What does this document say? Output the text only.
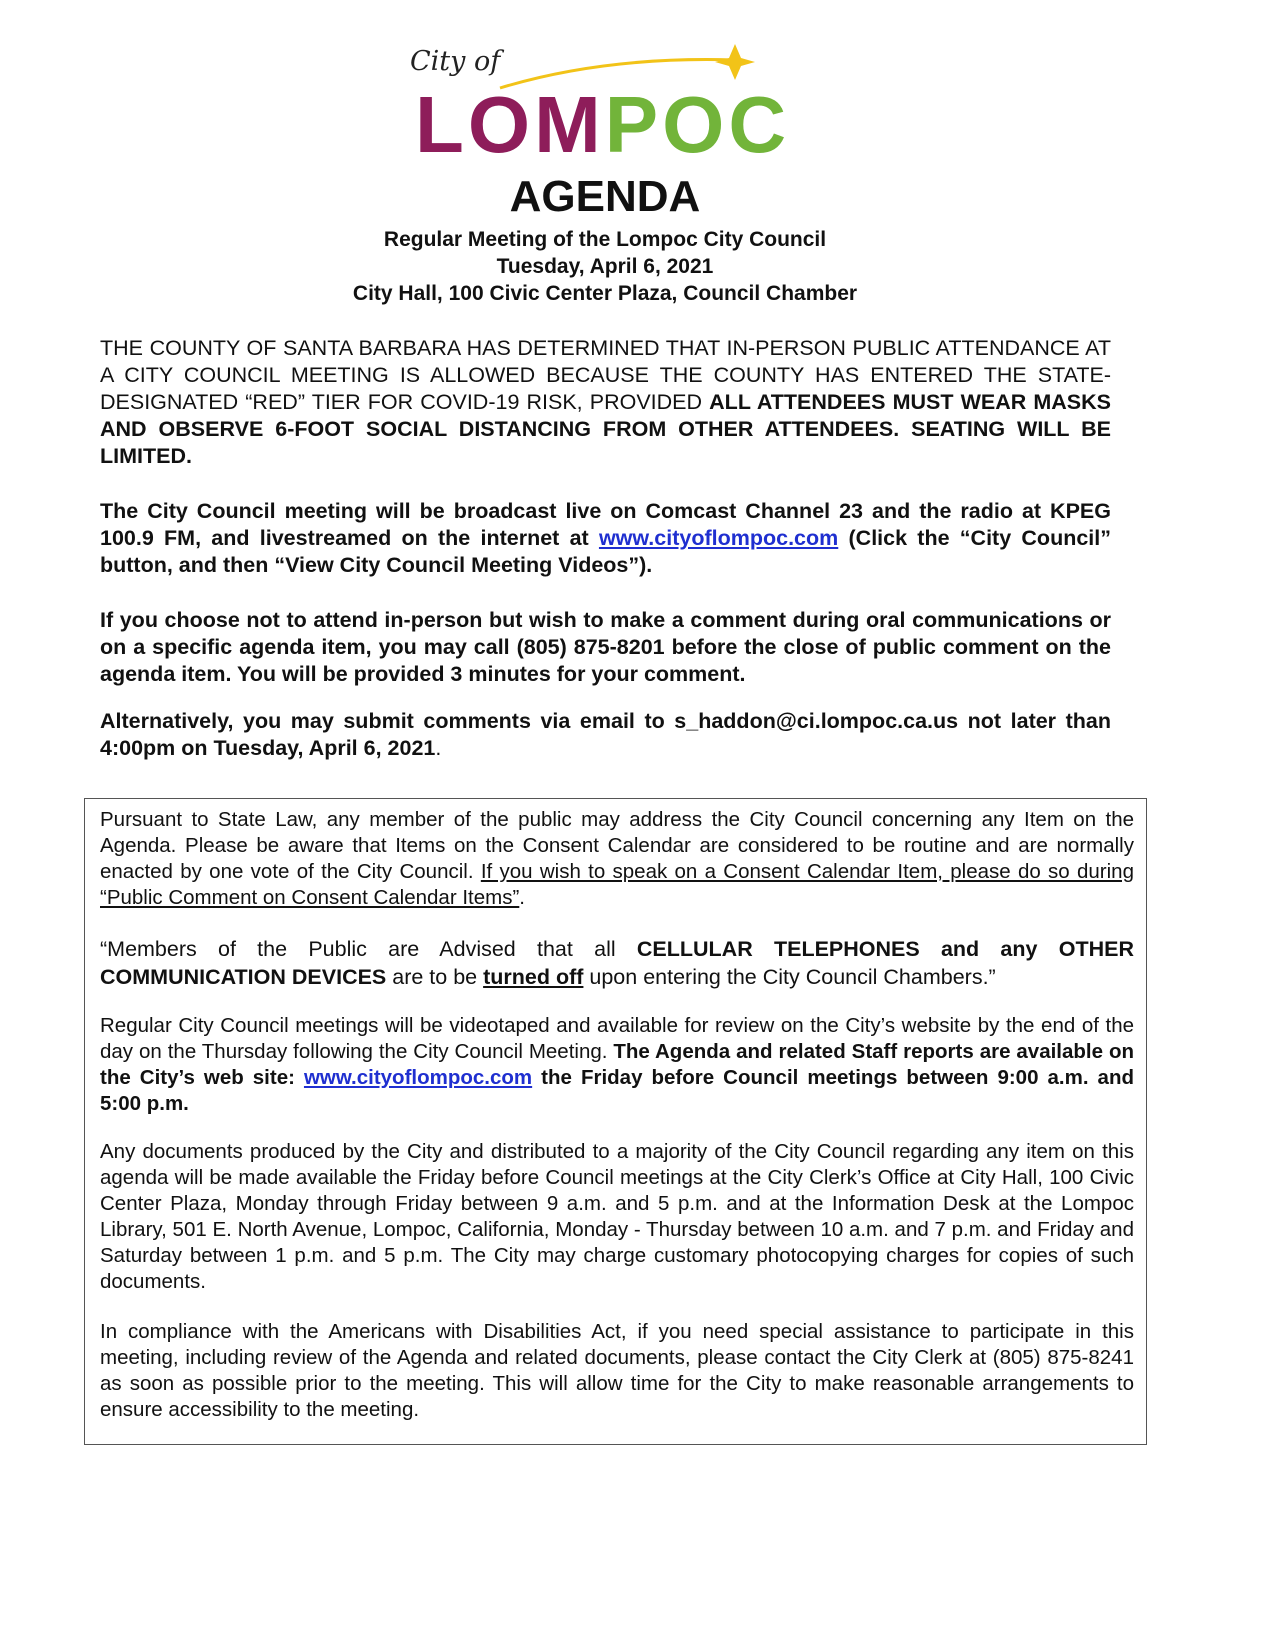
City of
LOMPOC
AGENDA
Regular Meeting of the Lompoc City Council
Tuesday, April 6, 2021
City Hall, 100 Civic Center Plaza, Council Chamber

THE COUNTY OF SANTA BARBARA HAS DETERMINED THAT IN-PERSON PUBLIC ATTENDANCE AT A CITY COUNCIL MEETING IS ALLOWED BECAUSE THE COUNTY HAS ENTERED THE STATE-DESIGNATED “RED” TIER FOR COVID-19 RISK, PROVIDED ALL ATTENDEES MUST WEAR MASKS AND OBSERVE 6-FOOT SOCIAL DISTANCING FROM OTHER ATTENDEES. SEATING WILL BE LIMITED.

The City Council meeting will be broadcast live on Comcast Channel 23 and the radio at KPEG 100.9 FM, and livestreamed on the internet at www.cityoflompoc.com (Click the “City Council” button, and then “View City Council Meeting Videos”).

If you choose not to attend in-person but wish to make a comment during oral communications or on a specific agenda item, you may call (805) 875-8201 before the close of public comment on the agenda item. You will be provided 3 minutes for your comment.

Alternatively, you may submit comments via email to s_haddon@ci.lompoc.ca.us not later than 4:00pm on Tuesday, April 6, 2021.

Pursuant to State Law, any member of the public may address the City Council concerning any Item on the Agenda. Please be aware that Items on the Consent Calendar are considered to be routine and are normally enacted by one vote of the City Council. If you wish to speak on a Consent Calendar Item, please do so during “Public Comment on Consent Calendar Items”.

“Members of the Public are Advised that all CELLULAR TELEPHONES and any OTHER COMMUNICATION DEVICES are to be turned off upon entering the City Council Chambers.”

Regular City Council meetings will be videotaped and available for review on the City’s website by the end of the day on the Thursday following the City Council Meeting. The Agenda and related Staff reports are available on the City’s web site: www.cityoflompoc.com the Friday before Council meetings between 9:00 a.m. and 5:00 p.m.

Any documents produced by the City and distributed to a majority of the City Council regarding any item on this agenda will be made available the Friday before Council meetings at the City Clerk’s Office at City Hall, 100 Civic Center Plaza, Monday through Friday between 9 a.m. and 5 p.m. and at the Information Desk at the Lompoc Library, 501 E. North Avenue, Lompoc, California, Monday - Thursday between 10 a.m. and 7 p.m. and Friday and Saturday between 1 p.m. and 5 p.m. The City may charge customary photocopying charges for copies of such documents.

In compliance with the Americans with Disabilities Act, if you need special assistance to participate in this meeting, including review of the Agenda and related documents, please contact the City Clerk at (805) 875-8241 as soon as possible prior to the meeting. This will allow time for the City to make reasonable arrangements to ensure accessibility to the meeting.
